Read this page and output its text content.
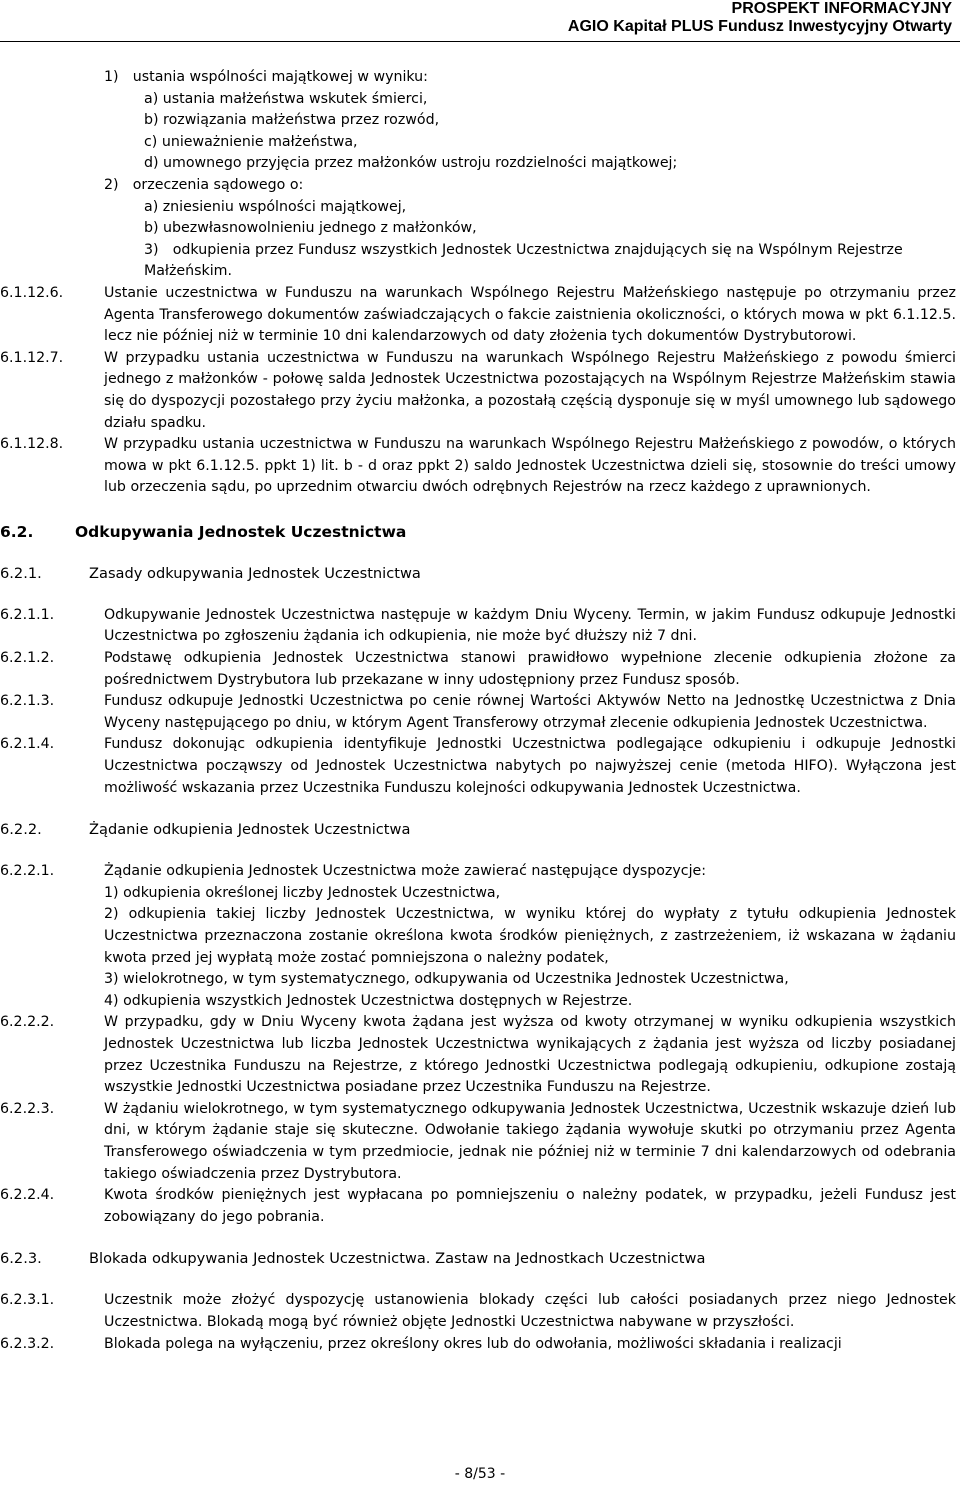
PROSPEKT INFORMACYJNY
AGIO Kapitał PLUS Fundusz Inwestycyjny Otwarty
1) ustania wspólności majątkowej w wyniku:
a) ustania małżeństwa wskutek śmierci,
b) rozwiązania małżeństwa przez rozwód,
c) unieważnienie małżeństwa,
d) umownego przyjęcia przez małżonków ustroju rozdzielności majątkowej;
2) orzeczenia sądowego o:
a) zniesieniu wspólności majątkowej,
b) ubezwłasnowolnieniu jednego z małżonków,
3) odkupienia przez Fundusz wszystkich Jednostek Uczestnictwa znajdujących się na Wspólnym Rejestrze Małżeńskim.
6.1.12.6.	Ustanie uczestnictwa w Funduszu na warunkach Wspólnego Rejestru Małżeńskiego następuje po otrzymaniu przez Agenta Transferowego dokumentów zaświadczających o fakcie zaistnienia okoliczności, o których mowa w pkt 6.1.12.5. lecz nie później niż w terminie 10 dni kalendarzowych od daty złożenia tych dokumentów Dystrybutorowi.
6.1.12.7.	W przypadku ustania uczestnictwa w Funduszu na warunkach Wspólnego Rejestru Małżeńskiego z powodu śmierci jednego z małżonków - połowę salda Jednostek Uczestnictwa pozostających na Wspólnym Rejestrze Małżeńskim stawia się do dyspozycji pozostałego przy życiu małżonka, a pozostałą częścią dysponuje się w myśl umownego lub sądowego działu spadku.
6.1.12.8.	W przypadku ustania uczestnictwa w Funduszu na warunkach Wspólnego Rejestru Małżeńskiego z powodów, o których mowa w pkt 6.1.12.5. ppkt 1) lit. b - d oraz ppkt 2) saldo Jednostek Uczestnictwa dzieli się, stosownie do treści umowy lub orzeczenia sądu, po uprzednim otwarciu dwóch odrębnych Rejestrów na rzecz każdego z uprawnionych.
6.2.	Odkupywania Jednostek Uczestnictwa
6.2.1.	Zasady odkupywania Jednostek Uczestnictwa
6.2.1.1.	Odkupywanie Jednostek Uczestnictwa następuje w każdym Dniu Wyceny. Termin, w jakim Fundusz odkupuje Jednostki Uczestnictwa po zgłoszeniu żądania ich odkupienia, nie może być dłuższy niż 7 dni.
6.2.1.2.	Podstawę odkupienia Jednostek Uczestnictwa stanowi prawidłowo wypełnione zlecenie odkupienia złożone za pośrednictwem Dystrybutora lub przekazane w inny udostępniony przez Fundusz sposób.
6.2.1.3.	Fundusz odkupuje Jednostki Uczestnictwa po cenie równej Wartości Aktywów Netto na Jednostkę Uczestnictwa z Dnia Wyceny następującego po dniu, w którym Agent Transferowy otrzymał zlecenie odkupienia Jednostek Uczestnictwa.
6.2.1.4.	Fundusz dokonując odkupienia identyfikuje Jednostki Uczestnictwa podlegające odkupieniu i odkupuje Jednostki Uczestnictwa począwszy od Jednostek Uczestnictwa nabytych po najwyższej cenie (metoda HIFO). Wyłączona jest możliwość wskazania przez Uczestnika Funduszu kolejności odkupywania Jednostek Uczestnictwa.
6.2.2.	Żądanie odkupienia Jednostek Uczestnictwa
6.2.2.1.	Żądanie odkupienia Jednostek Uczestnictwa może zawierać następujące dyspozycje:
1) odkupienia określonej liczby Jednostek Uczestnictwa,
2) odkupienia takiej liczby Jednostek Uczestnictwa, w wyniku której do wypłaty z tytułu odkupienia Jednostek Uczestnictwa przeznaczona zostanie określona kwota środków pieniężnych, z zastrzeżeniem, iż wskazana w żądaniu kwota przed jej wypłatą może zostać pomniejszona o należny podatek,
3) wielokrotnego, w tym systematycznego, odkupywania od Uczestnika Jednostek Uczestnictwa,
4) odkupienia wszystkich Jednostek Uczestnictwa dostępnych w Rejestrze.
6.2.2.2.	W przypadku, gdy w Dniu Wyceny kwota żądana jest wyższa od kwoty otrzymanej w wyniku odkupienia wszystkich Jednostek Uczestnictwa lub liczba Jednostek Uczestnictwa wynikających z żądania jest wyższa od liczby posiadanej przez Uczestnika Funduszu na Rejestrze, z którego Jednostki Uczestnictwa podlegają odkupieniu, odkupione zostają wszystkie Jednostki Uczestnictwa posiadane przez Uczestnika Funduszu na Rejestrze.
6.2.2.3.	W żądaniu wielokrotnego, w tym systematycznego odkupywania Jednostek Uczestnictwa, Uczestnik wskazuje dzień lub dni, w którym żądanie staje się skuteczne. Odwołanie takiego żądania wywołuje skutki po otrzymaniu przez Agenta Transferowego oświadczenia w tym przedmiocie, jednak nie później niż w terminie 7 dni kalendarzowych od odebrania takiego oświadczenia przez Dystrybutora.
6.2.2.4.	Kwota środków pieniężnych jest wypłacana po pomniejszeniu o należny podatek, w przypadku, jeżeli Fundusz jest zobowiązany do jego pobrania.
6.2.3.	Blokada odkupywania Jednostek Uczestnictwa. Zastaw na Jednostkach Uczestnictwa
6.2.3.1.	Uczestnik może złożyć dyspozycję ustanowienia blokady części lub całości posiadanych przez niego Jednostek Uczestnictwa. Blokadą mogą być również objęte Jednostki Uczestnictwa nabywane w przyszłości.
6.2.3.2.	Blokada polega na wyłączeniu, przez określony okres lub do odwołania, możliwości składania i realizacji
- 8/53 -
